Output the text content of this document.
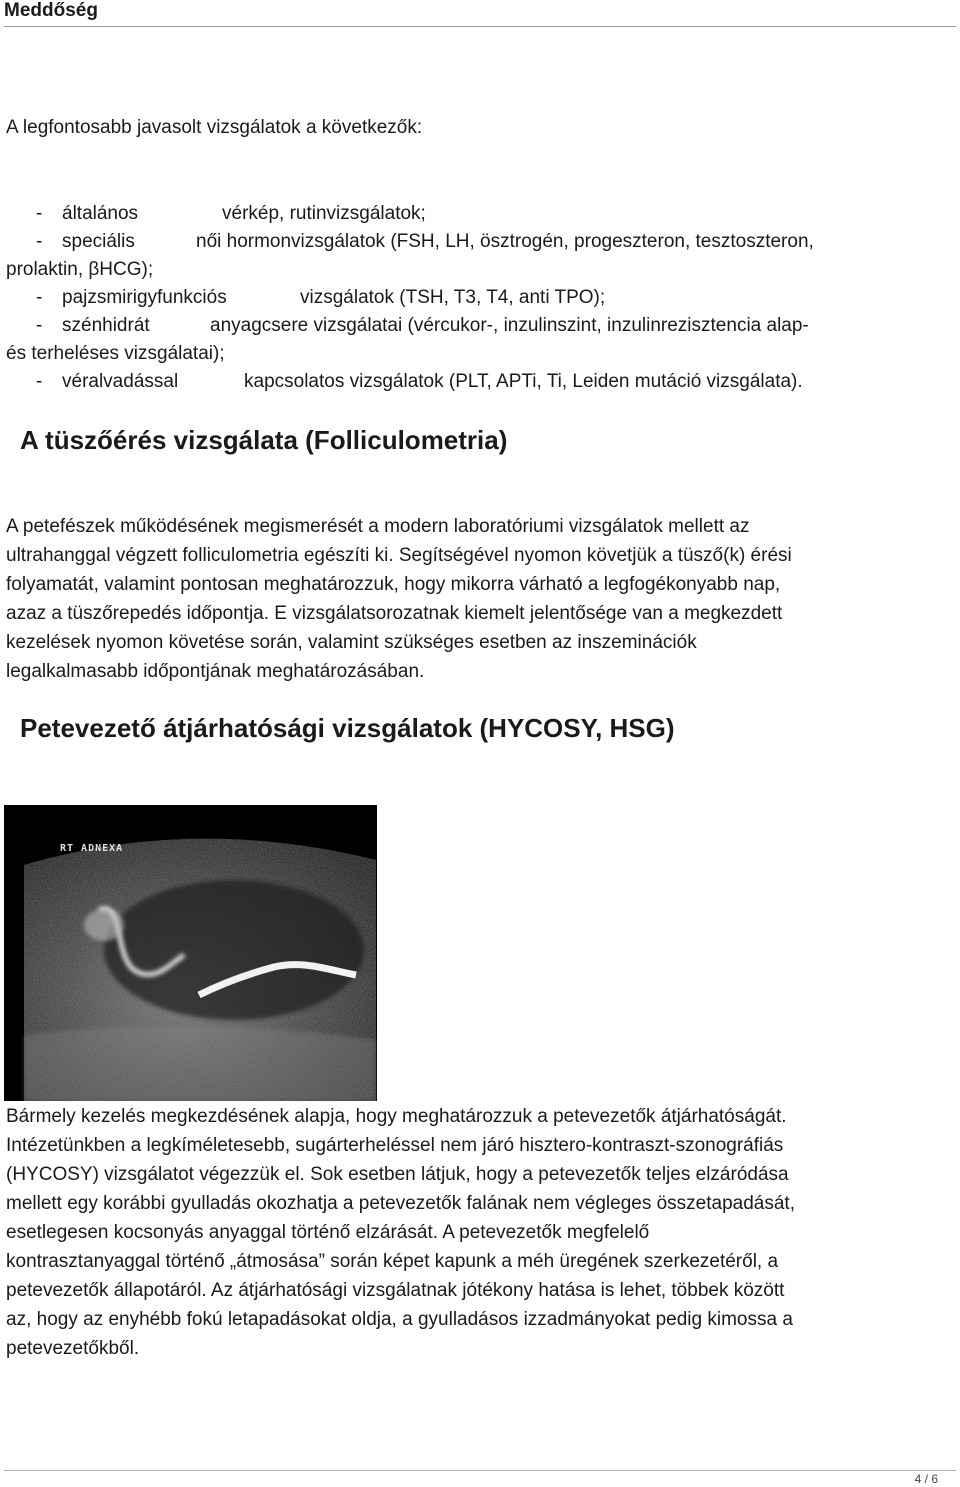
Meddőség
A legfontosabb javasolt vizsgálatok a következők:
- általános	vérkép, rutinvizsgálatok;
- speciális	női hormonvizsgálatok (FSH, LH, ösztrogén, progeszteron, tesztoszteron,
prolaktin, βHCG);
- pajzsmirigyfunkciós	vizsgálatok (TSH, T3, T4, anti TPO);
- szénhidrát	anyagcsere vizsgálatai (vércukor-, inzulinszint, inzulinrezisztencia alap-
és terheléses vizsgálatai);
- véralvadással	kapcsolatos vizsgálatok (PLT, APTi, Ti, Leiden mutáció vizsgálata).
A tüszőérés vizsgálata (Folliculometria)
A petefészek működésének megismerését a modern laboratóriumi vizsgálatok mellett az
ultrahanggal végzett folliculometria egészíti ki. Segítségével nyomon követjük a tüsző(k) érési
folyamatát, valamint pontosan meghatározzuk, hogy mikorra várható a legfogékonyabb nap,
azaz a tüszőrepedés időpontja. E vizsgálatsorozatnak kiemelt jelentősége van a megkezdett
kezelések nyomon követése során, valamint szükséges esetben az inszeminációk
legalkalmasabb időpontjának meghatározásában.
Petevezető átjárhatósági vizsgálatok (HYCOSY, HSG)
RT ADNEXA
Bármely kezelés megkezdésének alapja, hogy meghatározzuk a petevezetők átjárhatóságát.
Intézetünkben a legkíméletesebb, sugárterheléssel nem járó hisztero-kontraszt-szonográfiás
(HYCOSY) vizsgálatot végezzük el. Sok esetben látjuk, hogy a petevezetők teljes elzáródása
mellett egy korábbi gyulladás okozhatja a petevezetők falának nem végleges összetapadását,
esetlegesen kocsonyás anyaggal történő elzárását. A petevezetők megfelelő
kontrasztanyaggal történő „átmosása” során képet kapunk a méh üregének szerkezetéről, a
petevezetők állapotáról. Az átjárhatósági vizsgálatnak jótékony hatása is lehet, többek között
az, hogy az enyhébb fokú letapadásokat oldja, a gyulladásos izzadmányokat pedig kimossa a
petevezetőkből.
4 / 6
